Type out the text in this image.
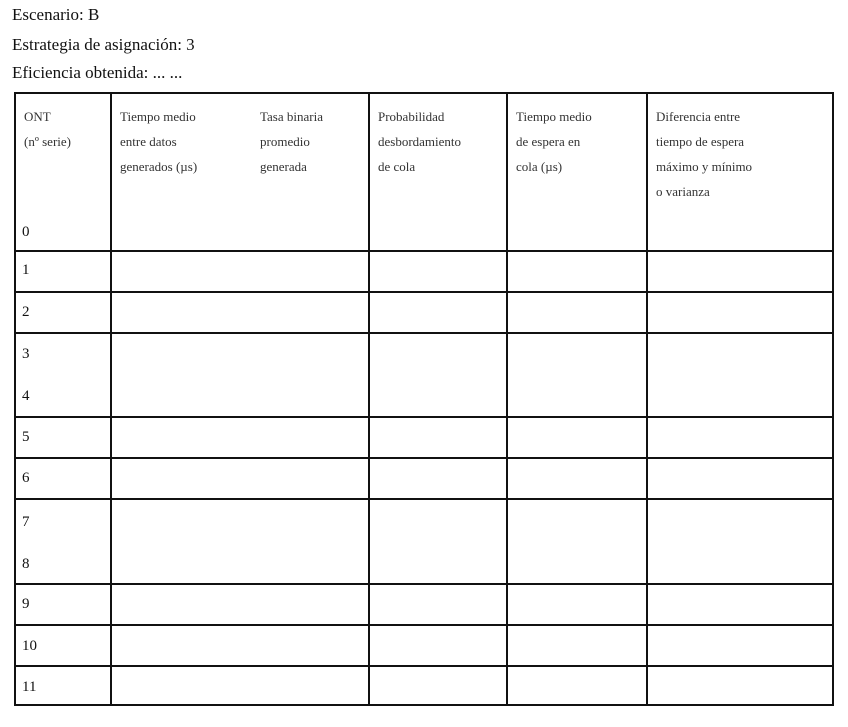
Escenario: B
Estrategia de asignación: 3
Eficiencia obtenida: ... ...
ONT
(nº serie)
Tiempo medio
entre datos
generados (µs)
Tasa binaria
promedio
generada
Probabilidad
desbordamiento
de cola
Tiempo medio
de espera en
cola (µs)
Diferencia entre
tiempo de espera
máximo y mínimo
o varianza
0
1
2
3
4
5
6
7
8
9
10
11
